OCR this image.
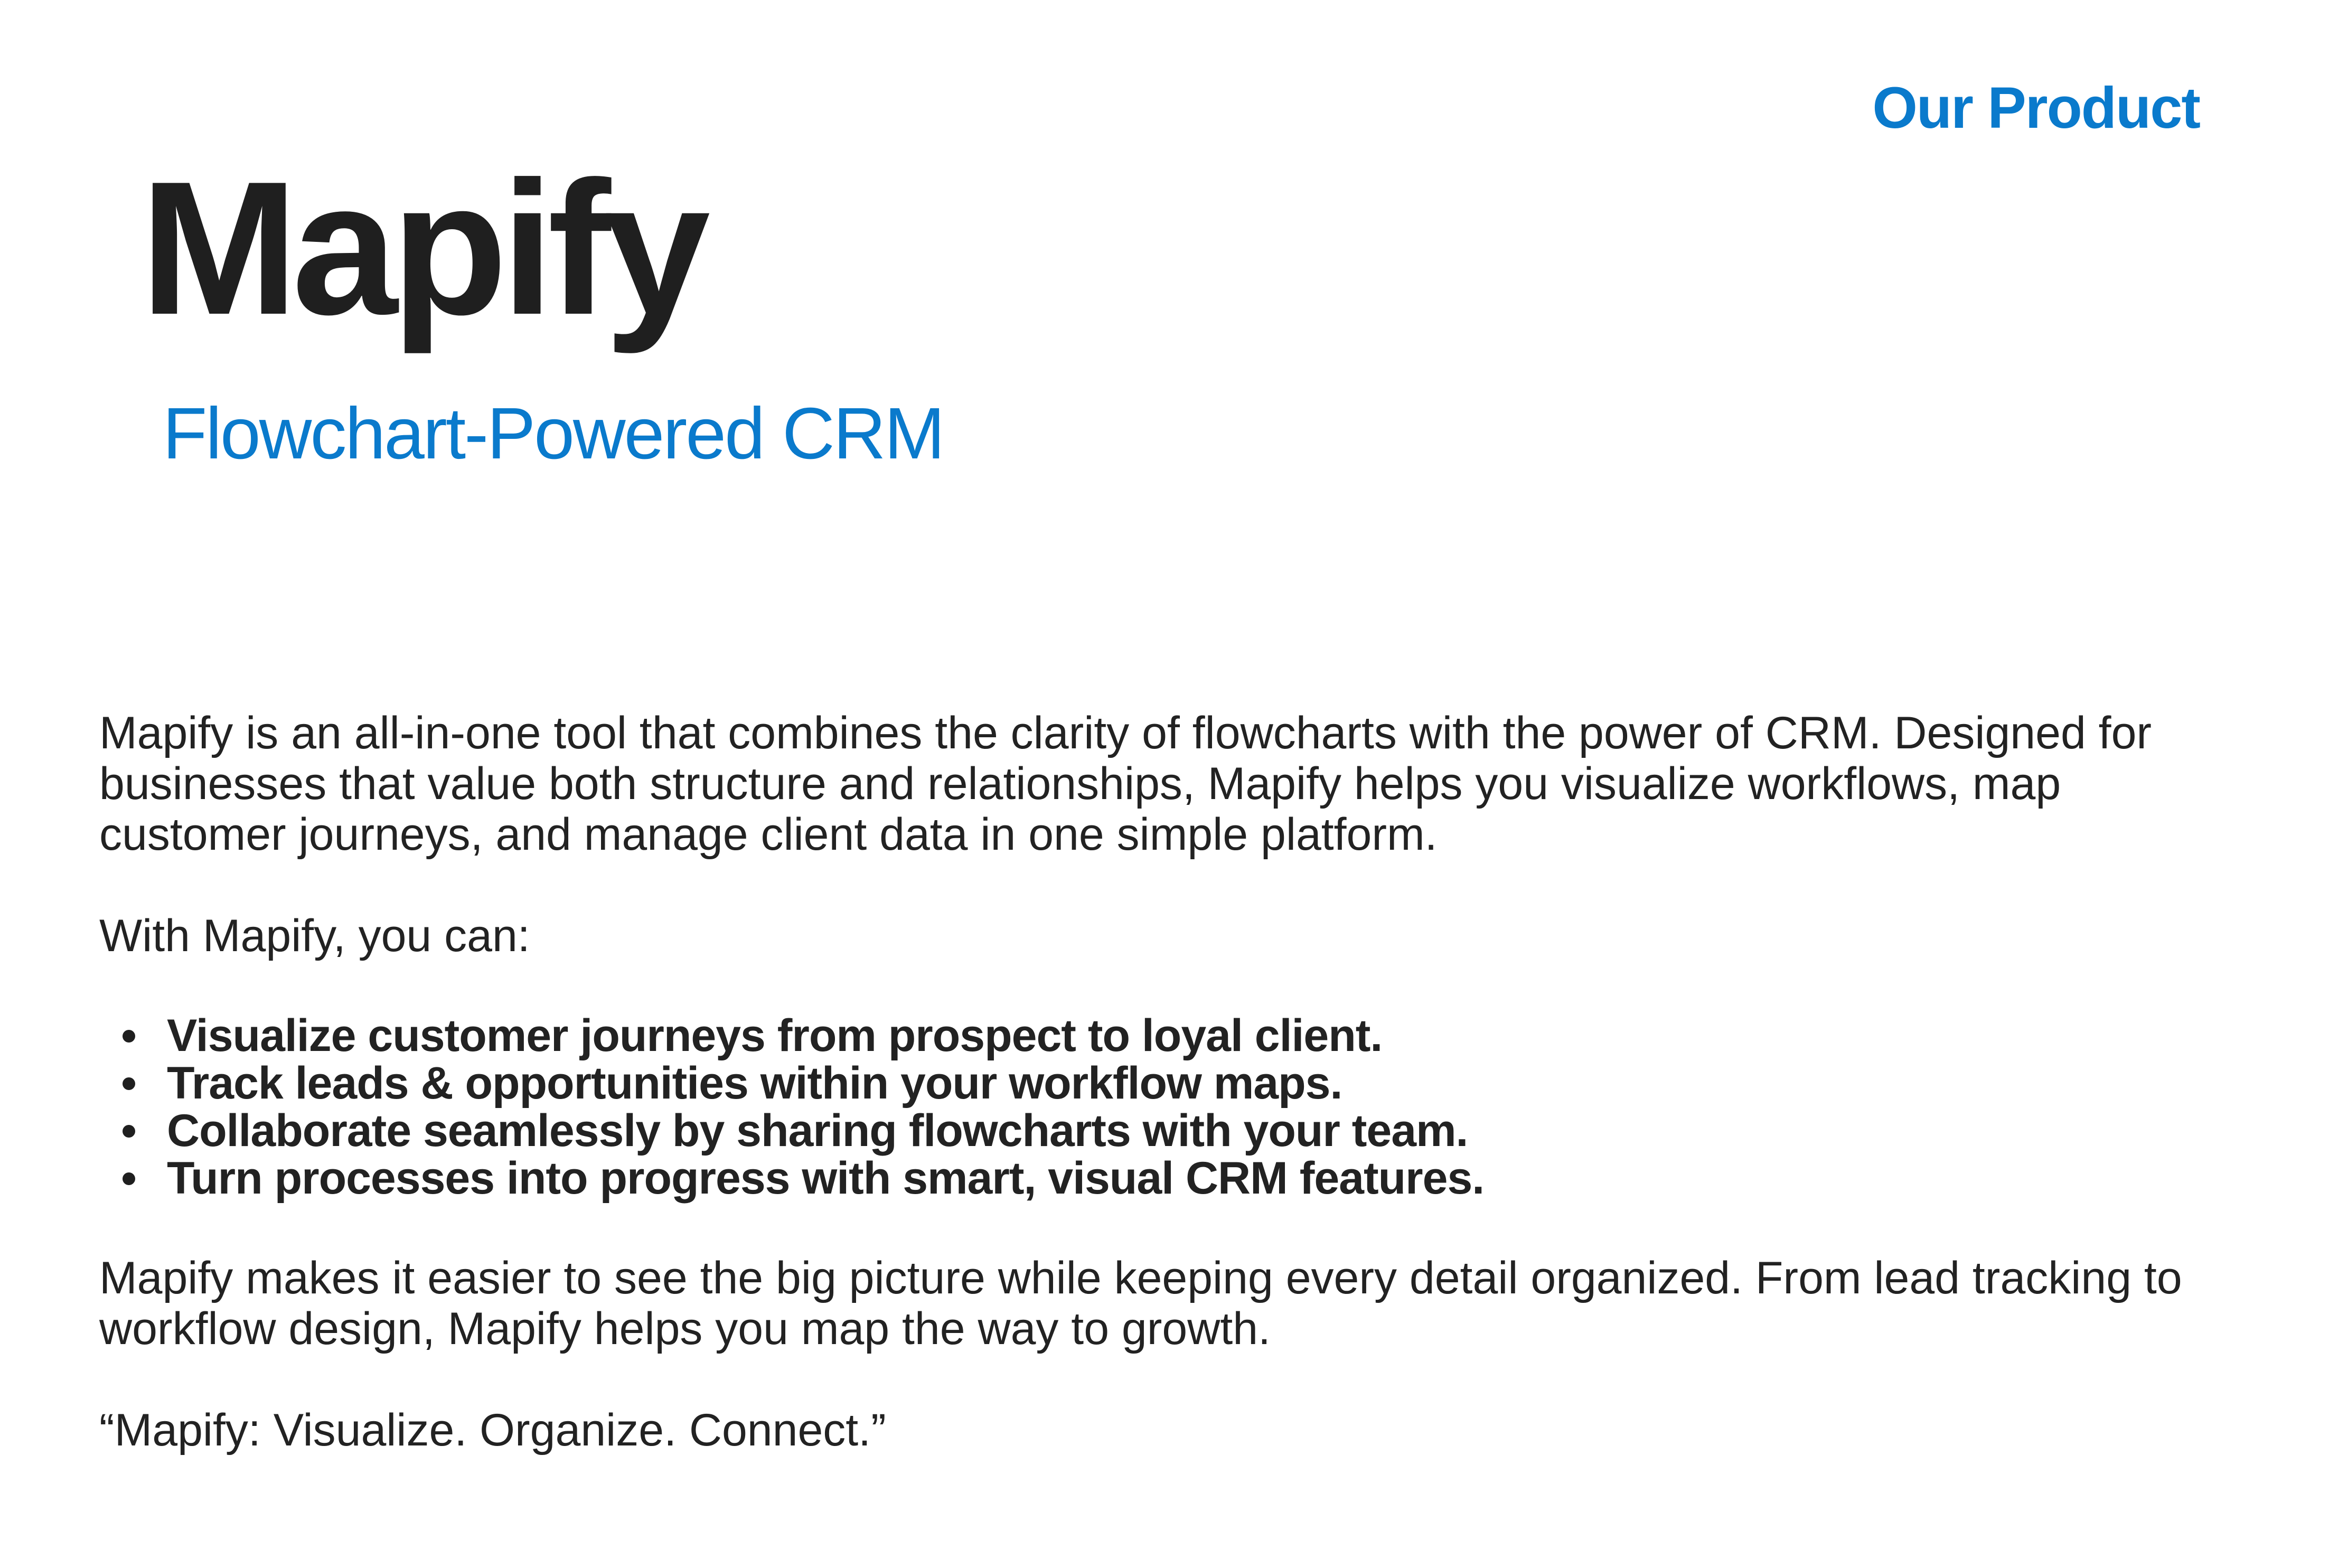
Our Product
Mapify
Flowchart-Powered CRM

Mapify is an all-in-one tool that combines the clarity of flowcharts with the power of CRM. Designed for businesses that value both structure and relationships, Mapify helps you visualize workflows, map customer journeys, and manage client data in one simple platform.

With Mapify, you can:

Visualize customer journeys from prospect to loyal client.
Track leads & opportunities within your workflow maps.
Collaborate seamlessly by sharing flowcharts with your team.
Turn processes into progress with smart, visual CRM features.

Mapify makes it easier to see the big picture while keeping every detail organized. From lead tracking to workflow design, Mapify helps you map the way to growth.

“Mapify: Visualize. Organize. Connect.”
